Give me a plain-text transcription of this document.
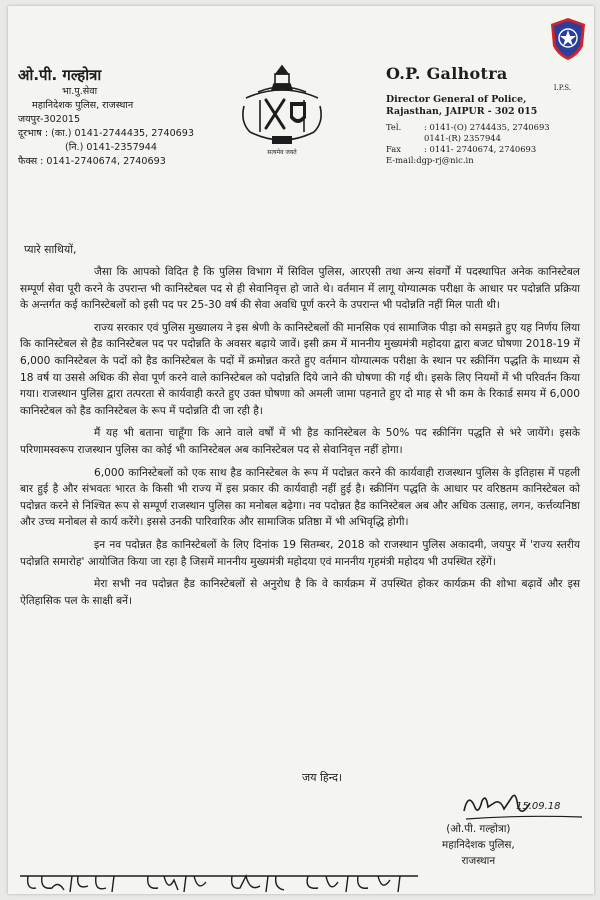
ओ.पी. गल्होत्रा
भा.पु.सेवा
महानिदेशक पुलिस, राजस्थान
जयपुर-302015
दूरभाष : (का.) 0141-2744435, 2740693
(नि.) 0141-2357944
फैक्स : 0141-2740674, 2740693
सत्यमेव जयते
O.P. Galhotra
I.P.S.
Director General of Police,
Rajasthan, JAIPUR - 302 015
Tel.	: 0141-(O) 2744435, 2740693
0141-(R) 2357944
Fax	: 0141- 2740674, 2740693
E-mail:dgp-rj@nic.in
प्यारे साथियों,

जैसा कि आपको विदित है कि पुलिस विभाग में सिविल पुलिस, आरएसी तथा अन्य संवर्गों में पदस्थापित अनेक कानिस्टेबल सम्पूर्ण सेवा पूरी करने के उपरान्त भी कानिस्टेबल पद से ही सेवानिवृत्त हो जाते थे। वर्तमान में लागू योग्यात्मक परीक्षा के आधार पर पदोन्नति प्रक्रिया के अन्तर्गत कई कानिस्टेबलों को इसी पद पर 25-30 वर्ष की सेवा अवधि पूर्ण करने के उपरान्त भी पदोन्नति नहीं मिल पाती थी।

राज्य सरकार एवं पुलिस मुख्यालय ने इस श्रेणी के कानिस्टेबलों की मानसिक एवं सामाजिक पीड़ा को समझते हुए यह निर्णय लिया कि कानिस्टेबल से हैड कानिस्टेबल पद पर पदोन्नति के अवसर बढ़ाये जावें। इसी क्रम में माननीय मुख्यमंत्री महोदया द्वारा बजट घोषणा 2018-19 में 6,000 कानिस्टेबल के पदों को हैड कानिस्टेबल के पदों में क्रमोन्नत करते हुए वर्तमान योग्यात्मक परीक्षा के स्थान पर स्क्रीनिंग पद्धति के माध्यम से 18 वर्ष या उससे अधिक की सेवा पूर्ण करने वाले कानिस्टेबल को पदोन्नति दिये जाने की घोषणा की गई थी। इसके लिए नियमों में भी परिवर्तन किया गया। राजस्थान पुलिस द्वारा तत्परता से कार्यवाही करते हुए उक्त घोषणा को अमली जामा पहनाते हुए दो माह से भी कम के रिकार्ड समय में 6,000 कानिस्टेबल को हैड कानिस्टेबल के रूप में पदोन्नति दी जा रही है।

मैं यह भी बताना चाहूँगा कि आने वाले वर्षों में भी हैड कानिस्टेबल के 50% पद स्क्रीनिंग पद्धति से भरे जायेंगे। इसके परिणामस्वरूप राजस्थान पुलिस का कोई भी कानिस्टेबल अब कानिस्टेबल पद से सेवानिवृत्त नहीं होगा।

6,000 कानिस्टेबलों को एक साथ हैड कानिस्टेबल के रूप में पदोन्नत करने की कार्यवाही राजस्थान पुलिस के इतिहास में पहली बार हुई है और संभवतः भारत के किसी भी राज्य में इस प्रकार की कार्यवाही नहीं हुई है। स्क्रीनिंग पद्धति के आधार पर वरिष्ठतम कानिस्टेबल को पदोन्नत करने से निश्चित रूप से सम्पूर्ण राजस्थान पुलिस का मनोबल बढ़ेगा। नव पदोन्नत हैड कानिस्टेबल अब और अधिक उत्साह, लगन, कर्त्तव्यनिष्ठा और उच्च मनोबल से कार्य करेंगे। इससे उनकी पारिवारिक और सामाजिक प्रतिष्ठा में भी अभिवृद्धि होगी।

इन नव पदोन्नत हैड कानिस्टेबलों के लिए दिनांक 19 सितम्बर, 2018 को राजस्थान पुलिस अकादमी, जयपुर में 'राज्य स्तरीय पदोन्नति समारोह' आयोजित किया जा रहा है जिसमें माननीय मुख्यमंत्री महोदया एवं माननीय गृहमंत्री महोदय भी उपस्थित रहेंगें।

मेरा सभी नव पदोन्नत हैड कानिस्टेबलों से अनुरोध है कि वे कार्यक्रम में उपस्थित होकर कार्यक्रम की शोभा बढ़ावें और इस ऐतिहासिक पल के साक्षी बनें।

जय हिन्द।
15.09.18
(ओ.पी. गल्होत्रा)
महानिदेशक पुलिस,
राजस्थान
राजस्थान पुलिस परिवार के समस्त सदस्यगण
